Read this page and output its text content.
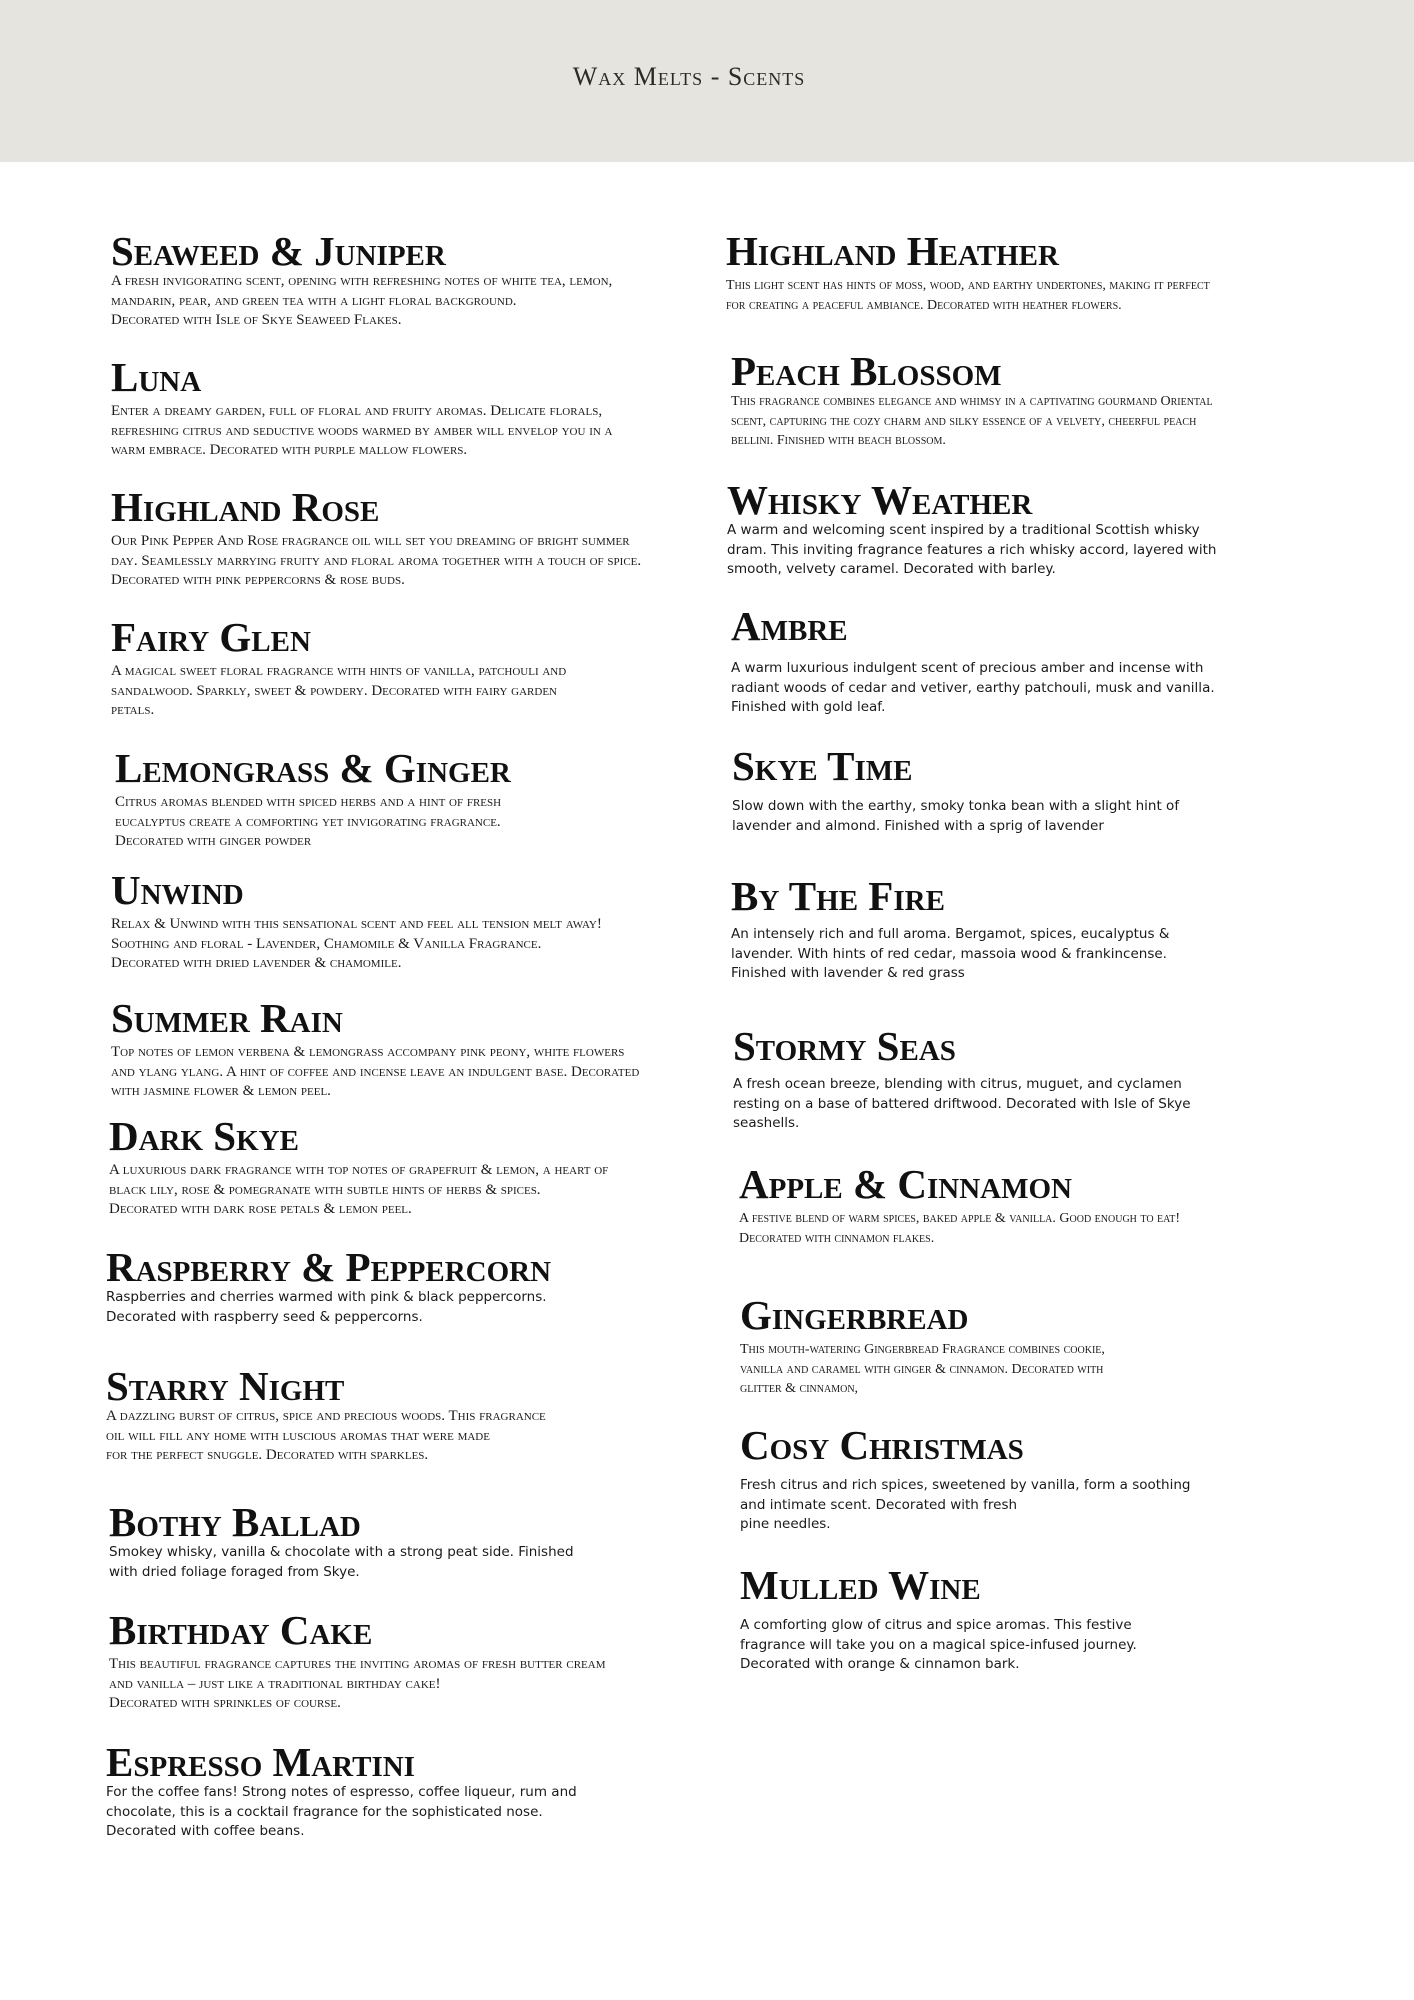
Wax Melts - Scents
Seaweed & Juniper

A fresh invigorating scent, opening with refreshing notes of white tea, lemon,
mandarin, pear, and green tea with a light floral background.
Decorated with Isle of Skye Seaweed Flakes.

Luna

Enter a dreamy garden, full of floral and fruity aromas. Delicate florals,
refreshing citrus and seductive woods warmed by amber will envelop you in a
warm embrace. Decorated with purple mallow flowers.

Highland Rose

Our Pink Pepper And Rose fragrance oil will set you dreaming of bright summer
day. Seamlessly marrying fruity and floral aroma together with a touch of spice.
Decorated with pink peppercorns & rose buds.

Fairy Glen

A magical sweet floral fragrance with hints of vanilla, patchouli and
sandalwood. Sparkly, sweet & powdery. Decorated with fairy garden
petals.

Lemongrass & Ginger

Citrus aromas blended with spiced herbs and a hint of fresh
eucalyptus create a comforting yet invigorating fragrance.
Decorated with ginger powder

Unwind

Relax & Unwind with this sensational scent and feel all tension melt away!
Soothing and floral - Lavender, Chamomile & Vanilla Fragrance.
Decorated with dried lavender & chamomile.

Summer Rain

Top notes of lemon verbena & lemongrass accompany pink peony, white flowers
and ylang ylang. A hint of coffee and incense leave an indulgent base. Decorated
with jasmine flower & lemon peel.

Dark Skye

A luxurious dark fragrance with top notes of grapefruit & lemon, a heart of
black lily, rose & pomegranate with subtle hints of herbs & spices.
Decorated with dark rose petals & lemon peel.

Raspberry & Peppercorn

Raspberries and cherries warmed with pink & black peppercorns.
Decorated with raspberry seed & peppercorns.

Starry Night

A dazzling burst of citrus, spice and precious woods. This fragrance
oil will fill any home with luscious aromas that were made
for the perfect snuggle. Decorated with sparkles.

Bothy Ballad

Smokey whisky, vanilla & chocolate with a strong peat side. Finished
with dried foliage foraged from Skye.

Birthday Cake

This beautiful fragrance captures the inviting aromas of fresh butter cream
and vanilla – just like a traditional birthday cake!
Decorated with sprinkles of course.

Espresso Martini

For the coffee fans! Strong notes of espresso, coffee liqueur, rum and
chocolate, this is a cocktail fragrance for the sophisticated nose.
Decorated with coffee beans.

Highland Heather

This light scent has hints of moss, wood, and earthy undertones, making it perfect
for creating a peaceful ambiance. Decorated with heather flowers.

Peach Blossom

This fragrance combines elegance and whimsy in a captivating gourmand Oriental
scent, capturing the cozy charm and silky essence of a velvety, cheerful peach
bellini. Finished with beach blossom.

Whisky Weather

A warm and welcoming scent inspired by a traditional Scottish whisky
dram. This inviting fragrance features a rich whisky accord, layered with
smooth, velvety caramel. Decorated with barley.

Ambre

A warm luxurious indulgent scent of precious amber and incense with
radiant woods of cedar and vetiver, earthy patchouli, musk and vanilla.
Finished with gold leaf.

Skye Time

Slow down with the earthy, smoky tonka bean with a slight hint of
lavender and almond. Finished with a sprig of lavender

By The Fire

An intensely rich and full aroma. Bergamot, spices, eucalyptus &
lavender. With hints of red cedar, massoia wood & frankincense.
Finished with lavender & red grass

Stormy Seas

A fresh ocean breeze, blending with citrus, muguet, and cyclamen
resting on a base of battered driftwood. Decorated with Isle of Skye
seashells.

Apple & Cinnamon

A festive blend of warm spices, baked apple & vanilla. Good enough to eat!
Decorated with cinnamon flakes.

Gingerbread

This mouth-watering Gingerbread Fragrance combines cookie,
vanilla and caramel with ginger & cinnamon. Decorated with
glitter & cinnamon,

Cosy Christmas

Fresh citrus and rich spices, sweetened by vanilla, form a soothing
and intimate scent. Decorated with fresh
pine needles.

Mulled Wine

A comforting glow of citrus and spice aromas. This festive
fragrance will take you on a magical spice-infused journey.
Decorated with orange & cinnamon bark.
